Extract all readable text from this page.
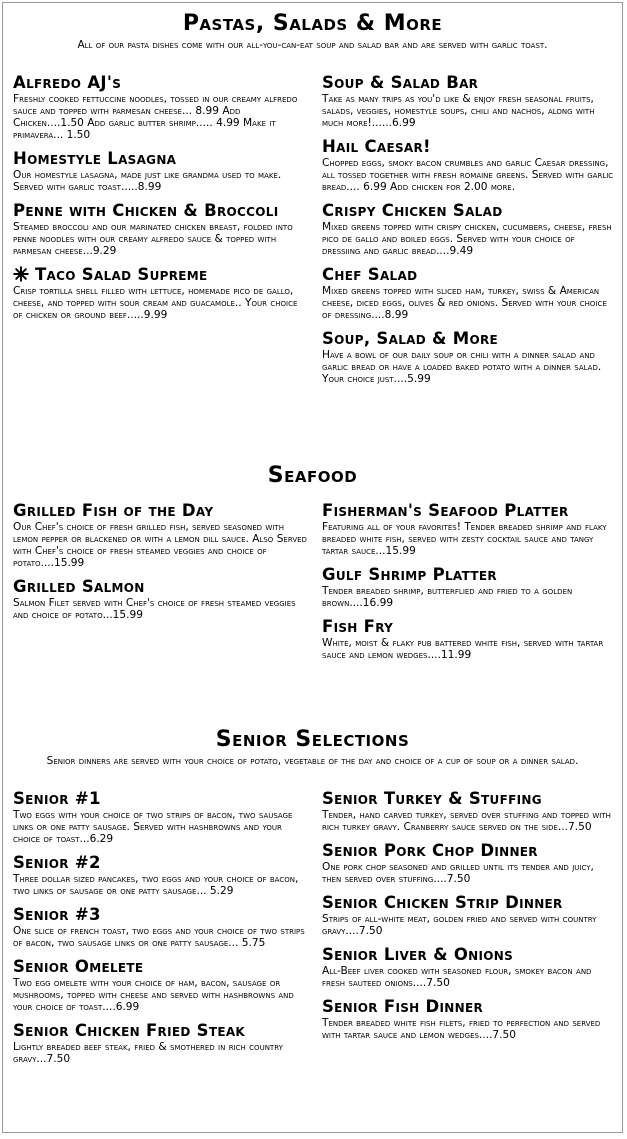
Pastas, Salads & More
All of our pasta dishes come with our all-you-can-eat soup and salad bar and are served with garlic toast.
Alfredo AJ's
Freshly cooked fettuccine noodles, tossed in our creamy alfredo sauce and topped with parmesan cheese... 8.99 Add Chicken....1.50 Add garlic butter shrimp..... 4.99 Make it primavera... 1.50
Homestyle Lasagna
Our homestyle lasagna, made just like grandma used to make. Served with garlic toast.....8.99
Penne with Chicken & Broccoli
Steamed broccoli and our marinated chicken breast, folded into penne noodles with our creamy alfredo sauce & topped with parmesan cheese...9.29
Taco Salad Supreme
Crisp tortilla shell filled with lettuce, homemade pico de gallo, cheese, and topped with sour cream and guacamole.. Your choice of chicken or ground beef.....9.99
Soup & Salad Bar
Take as many trips as you'd like & enjoy fresh seasonal fruits, salads, veggies, homestyle soups, chili and nachos, along with much more!......6.99
Hail Caesar!
Chopped eggs, smoky bacon crumbles and garlic Caesar dressing, all tossed together with fresh romaine greens. Served with garlic bread.... 6.99 Add chicken for 2.00 more.
Crispy Chicken Salad
Mixed greens topped with crispy chicken, cucumbers, cheese, fresh pico de gallo and boiled eggs. Served with your choice of dressiing and garlic bread....9.49
Chef Salad
Mixed greens topped with sliced ham, turkey, swiss & American cheese, diced eggs, olives & red onions. Served with your choice of dressing....8.99
Soup, Salad & More
Have a bowl of our daily soup or chili with a dinner salad and garlic bread or have a loaded baked potato with a dinner salad. Your choice just....5.99
Seafood
Grilled Fish of the Day
Our Chef's choice of fresh grilled fish, served seasoned with lemon pepper or blackened or with a lemon dill sauce. Also Served with Chef's choice of fresh steamed veggies and choice of potato....15.99
Grilled Salmon
Salmon Filet served with Chef's choice of fresh steamed veggies and choice of potato...15.99
Fisherman's Seafood Platter
Featuring all of your favorites! Tender breaded shrimp and flaky breaded white fish, served with zesty cocktail sauce and tangy tartar sauce...15.99
Gulf Shrimp Platter
Tender breaded shrimp, butterflied and fried to a golden brown....16.99
Fish Fry
White, moist & flaky pub battered white fish, served with tartar sauce and lemon wedges....11.99
Senior Selections
Senior dinners are served with your choice of potato, vegetable of the day and choice of a cup of soup or a dinner salad.
Senior #1
Two eggs with your choice of two strips of bacon, two sausage links or one patty sausage. Served with hashbrowns and your choice of toast...6.29
Senior #2
Three dollar sized pancakes, two eggs and your choice of bacon, two links of sausage or one patty sausage... 5.29
Senior #3
One slice of french toast, two eggs and your choice of two strips of bacon, two sausage links or one patty sausage... 5.75
Senior Omelete
Two egg omelete with your choice of ham, bacon, sausage or mushrooms, topped with cheese and served with hashbrowns and your choice of toast....6.99
Senior Chicken Fried Steak
Lightly breaded beef steak, fried & smothered in rich country gravy...7.50
Senior Turkey & Stuffing
Tender, hand carved turkey, served over stuffing and topped with rich turkey gravy. Cranberry sauce served on the side...7.50
Senior Pork Chop Dinner
One pork chop seasoned and grilled until its tender and juicy, then served over stuffing....7.50
Senior Chicken Strip Dinner
Strips of all-white meat, golden fried and served with country gravy....7.50
Senior Liver & Onions
All-Beef liver cooked with seasoned flour, smokey bacon and fresh sauteed onions....7.50
Senior Fish Dinner
Tender breaded white fish filets, fried to perfection and served with tartar sauce and lemon wedges....7.50
